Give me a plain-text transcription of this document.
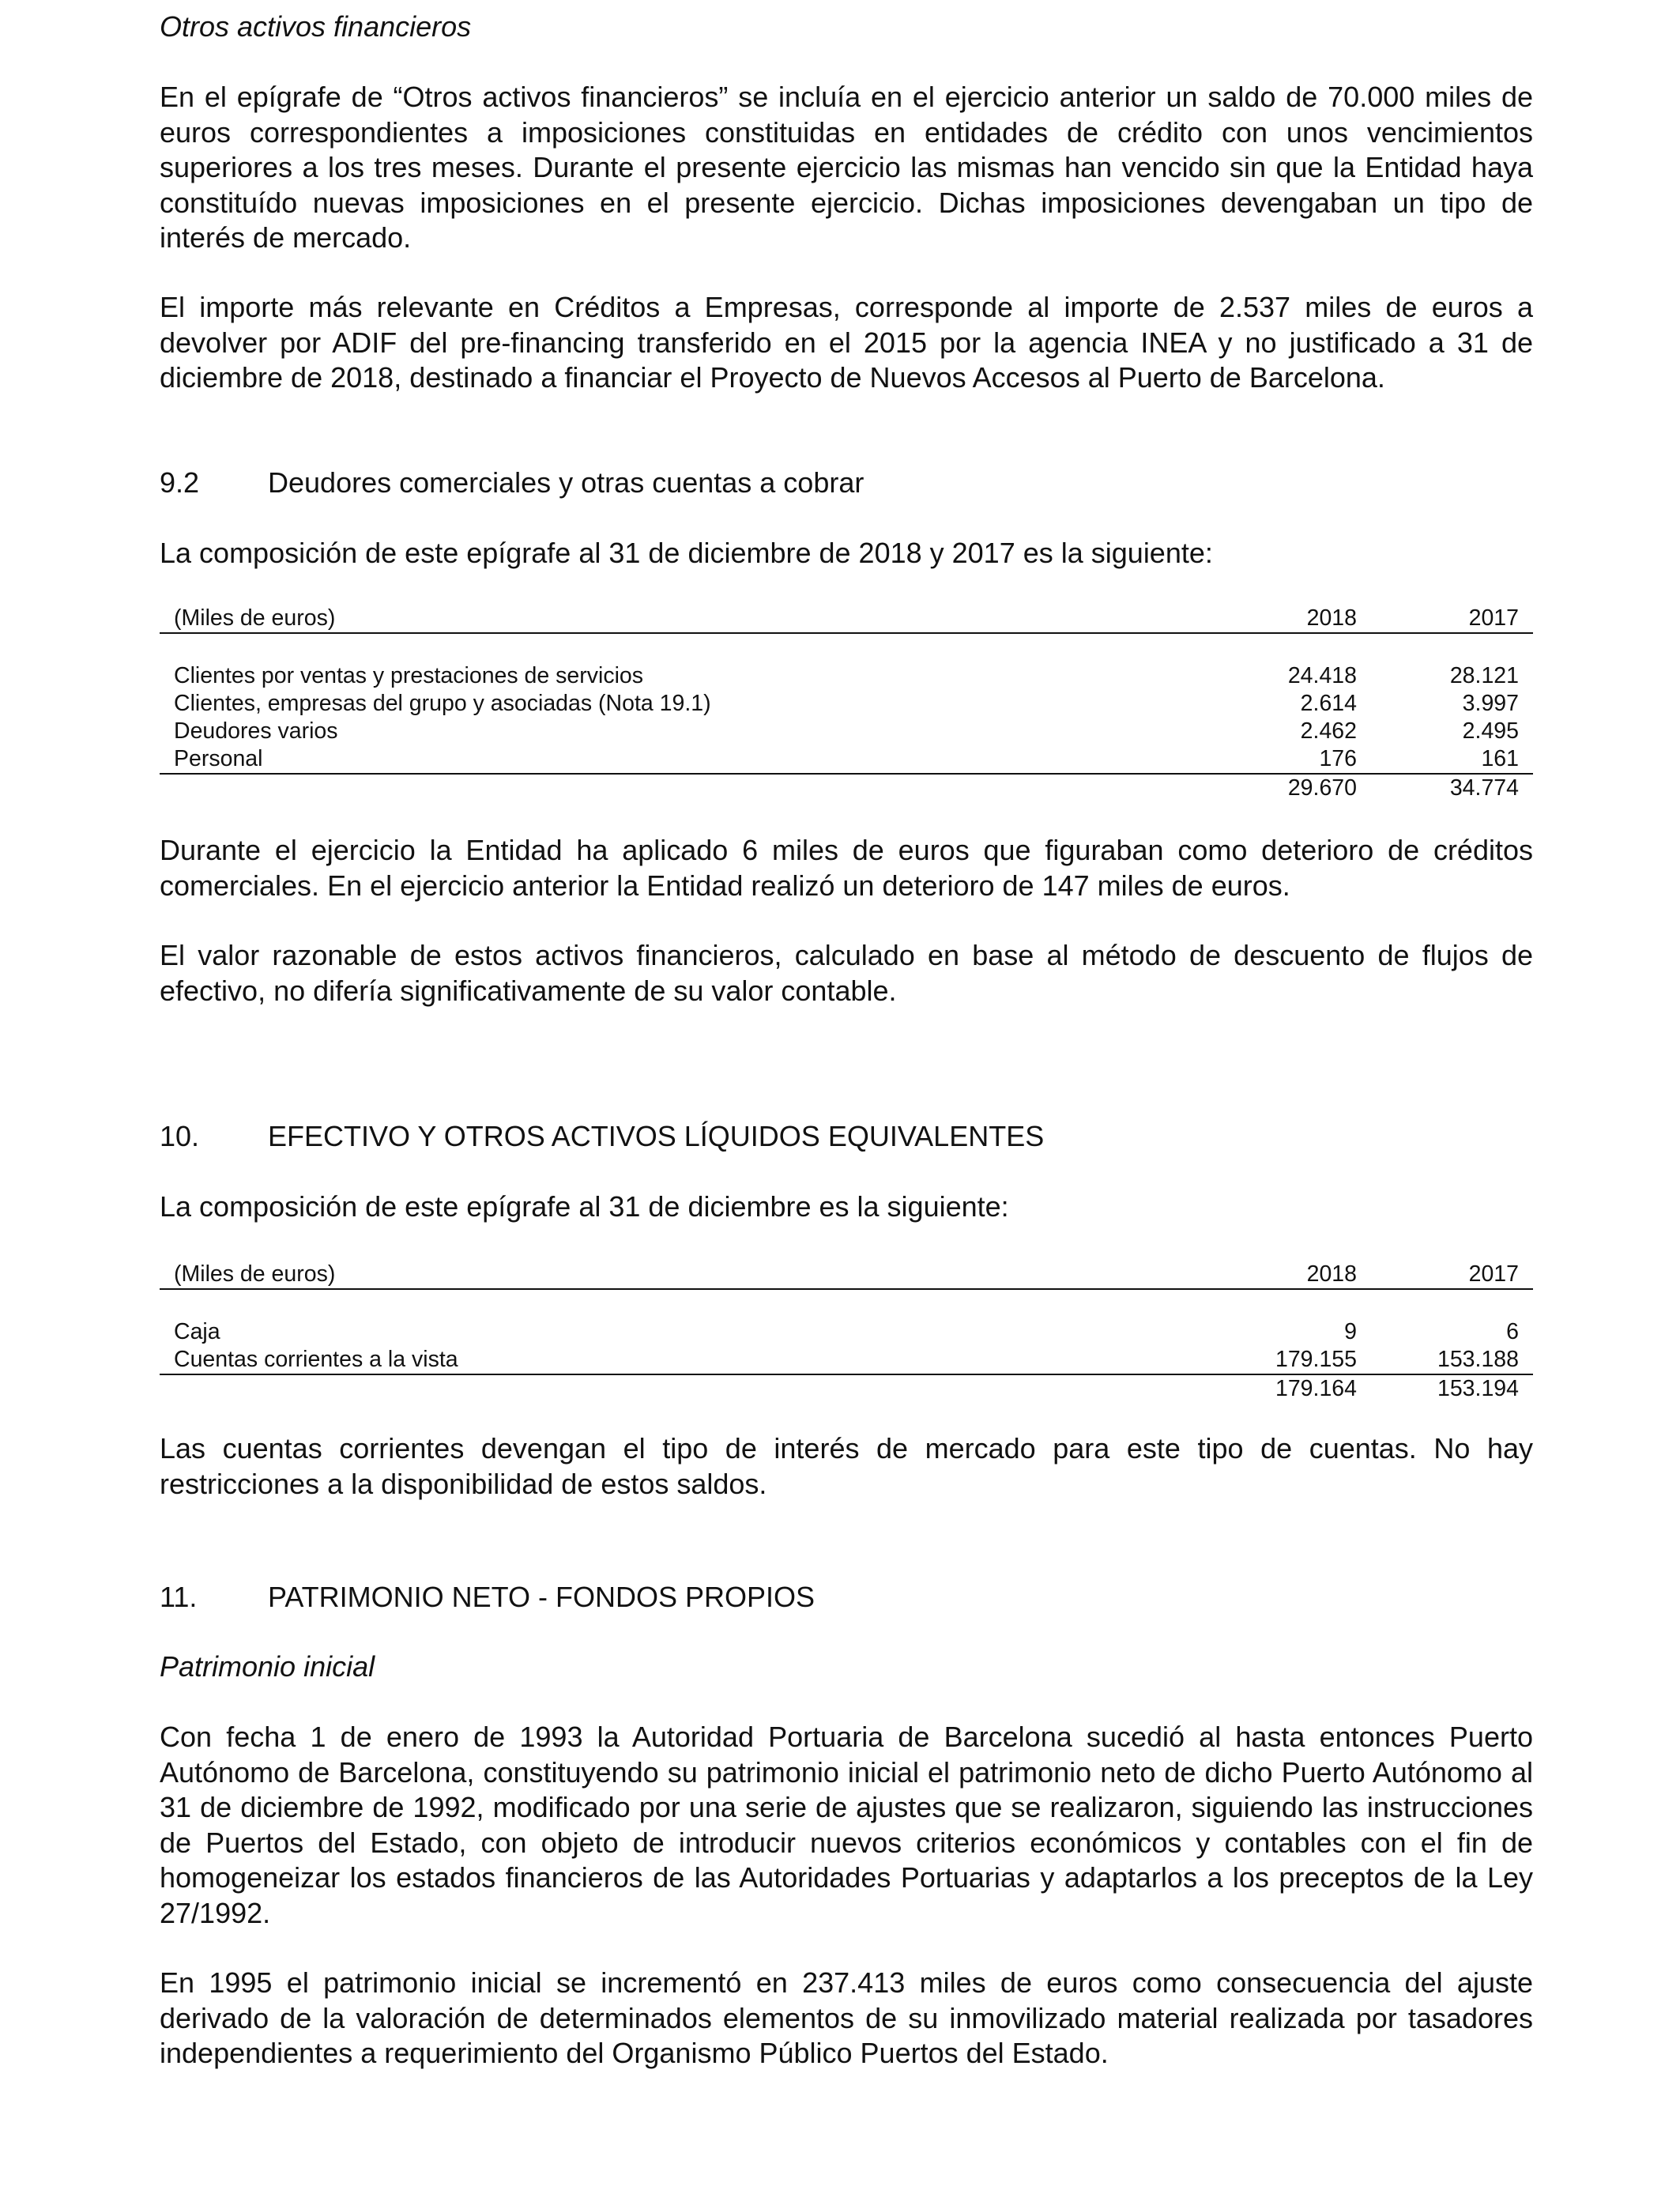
Otros activos financieros

En el epígrafe de “Otros activos financieros” se incluía en el ejercicio anterior un saldo de 70.000 miles de euros correspondientes a imposiciones constituidas en entidades de crédito con unos vencimientos superiores a los tres meses. Durante el presente ejercicio las mismas han vencido sin que la Entidad haya constituído nuevas imposiciones en el presente ejercicio. Dichas imposiciones devengaban un tipo de interés de mercado.

El importe más relevante en Créditos a Empresas, corresponde al importe de 2.537 miles de euros a devolver por ADIF del pre-financing transferido en el 2015 por la agencia INEA y no justificado a 31 de diciembre de 2018, destinado a financiar el Proyecto de Nuevos Accesos al Puerto de Barcelona.

9.2	Deudores comerciales y otras cuentas a cobrar

La composición de este epígrafe al 31 de diciembre de 2018 y 2017 es la siguiente:

(Miles de euros)	2018	2017

Clientes por ventas y prestaciones de servicios	24.418	28.121
Clientes, empresas del grupo y asociadas (Nota 19.1)	2.614	3.997
Deudores varios	2.462	2.495
Personal	176	161
	29.670	34.774

Durante el ejercicio la Entidad ha aplicado 6 miles de euros que figuraban como deterioro de créditos comerciales. En el ejercicio anterior la Entidad realizó un deterioro de 147 miles de euros.

El valor razonable de estos activos financieros, calculado en base al método de descuento de flujos de efectivo, no difería significativamente de su valor contable.

10.	EFECTIVO Y OTROS ACTIVOS LÍQUIDOS EQUIVALENTES

La composición de este epígrafe al 31 de diciembre es la siguiente:

(Miles de euros)	2018	2017

Caja	9	6
Cuentas corrientes a la vista	179.155	153.188
	179.164	153.194

Las cuentas corrientes devengan el tipo de interés de mercado para este tipo de cuentas. No hay restricciones a la disponibilidad de estos saldos.

11.	PATRIMONIO NETO - FONDOS PROPIOS

Patrimonio inicial

Con fecha 1 de enero de 1993 la Autoridad Portuaria de Barcelona sucedió al hasta entonces Puerto Autónomo de Barcelona, constituyendo su patrimonio inicial el patrimonio neto de dicho Puerto Autónomo al 31 de diciembre de 1992, modificado por una serie de ajustes que se realizaron, siguiendo las instrucciones de Puertos del Estado, con objeto de introducir nuevos criterios económicos y contables con el fin de homogeneizar los estados financieros de las Autoridades Portuarias y adaptarlos a los preceptos de la Ley 27/1992.

En 1995 el patrimonio inicial se incrementó en 237.413 miles de euros como consecuencia del ajuste derivado de la valoración de determinados elementos de su inmovilizado material realizada por tasadores independientes a requerimiento del Organismo Público Puertos del Estado.
